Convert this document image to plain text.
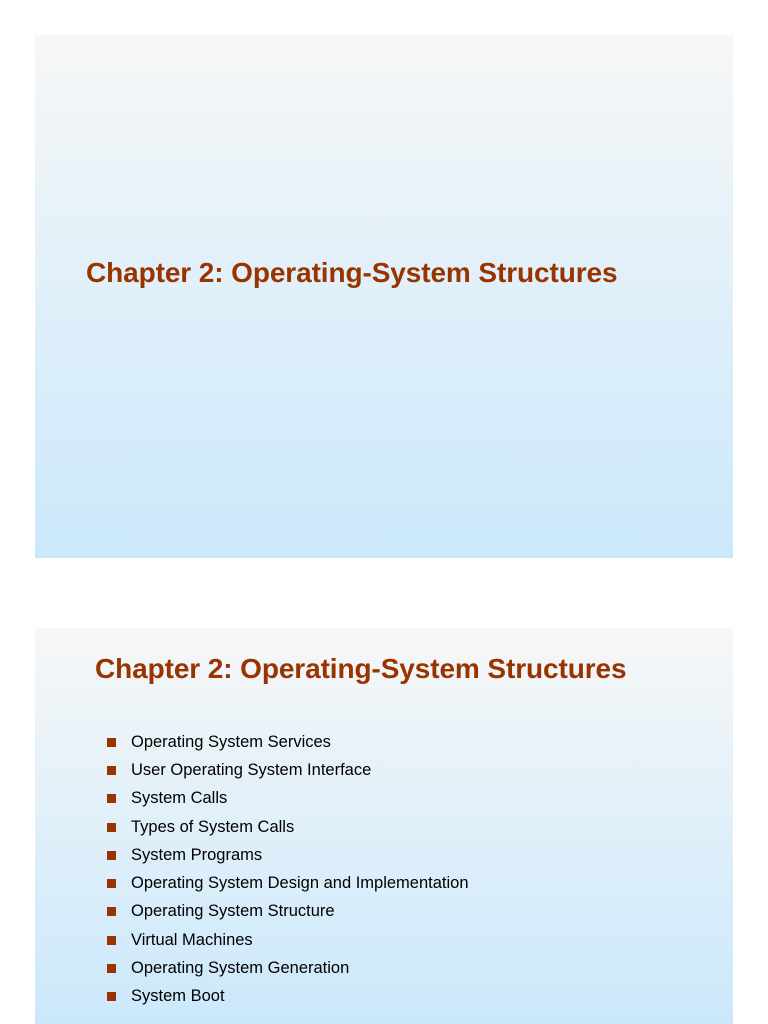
Chapter 2: Operating-System Structures
Chapter 2: Operating-System Structures
Operating System Services
User Operating System Interface
System Calls
Types of System Calls
System Programs
Operating System Design and Implementation
Operating System Structure
Virtual Machines
Operating System Generation
System Boot
